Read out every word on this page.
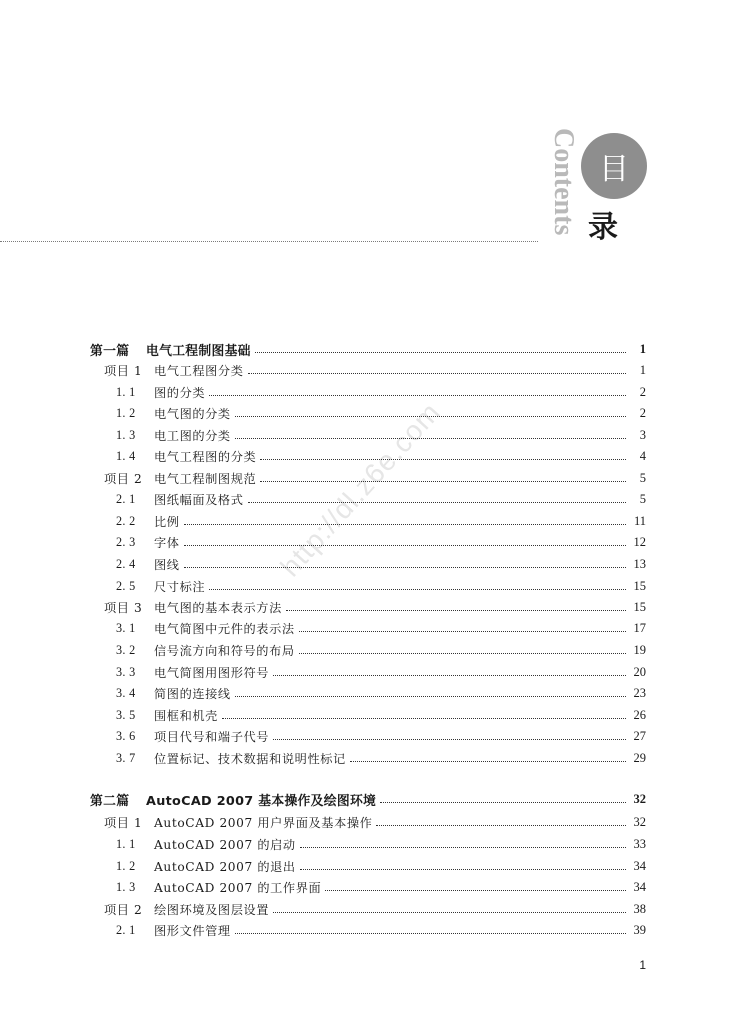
Contents 目
录
http://dl.z6e.com
第一篇	电气工程制图基础	1
项目 1 电气工程图分类	1
1. 1	图的分类	2
1. 2	电气图的分类	2
1. 3	电工图的分类	3
1. 4	电气工程图的分类	4
项目 2 电气工程制图规范	5
2. 1	图纸幅面及格式	5
2. 2	比例	11
2. 3	字体	12
2. 4	图线	13
2. 5	尺寸标注	15
项目 3 电气图的基本表示方法	15
3. 1	电气简图中元件的表示法	17
3. 2	信号流方向和符号的布局	19
3. 3	电气简图用图形符号	20
3. 4	简图的连接线	23
3. 5	围框和机壳	26
3. 6	项目代号和端子代号	27
3. 7	位置标记、技术数据和说明性标记	29
第二篇	AutoCAD 2007 基本操作及绘图环境	32
项目 1 AutoCAD 2007 用户界面及基本操作	32
1. 1	AutoCAD 2007 的启动	33
1. 2	AutoCAD 2007 的退出	34
1. 3	AutoCAD 2007 的工作界面	34
项目 2 绘图环境及图层设置	38
2. 1	图形文件管理	39
1
